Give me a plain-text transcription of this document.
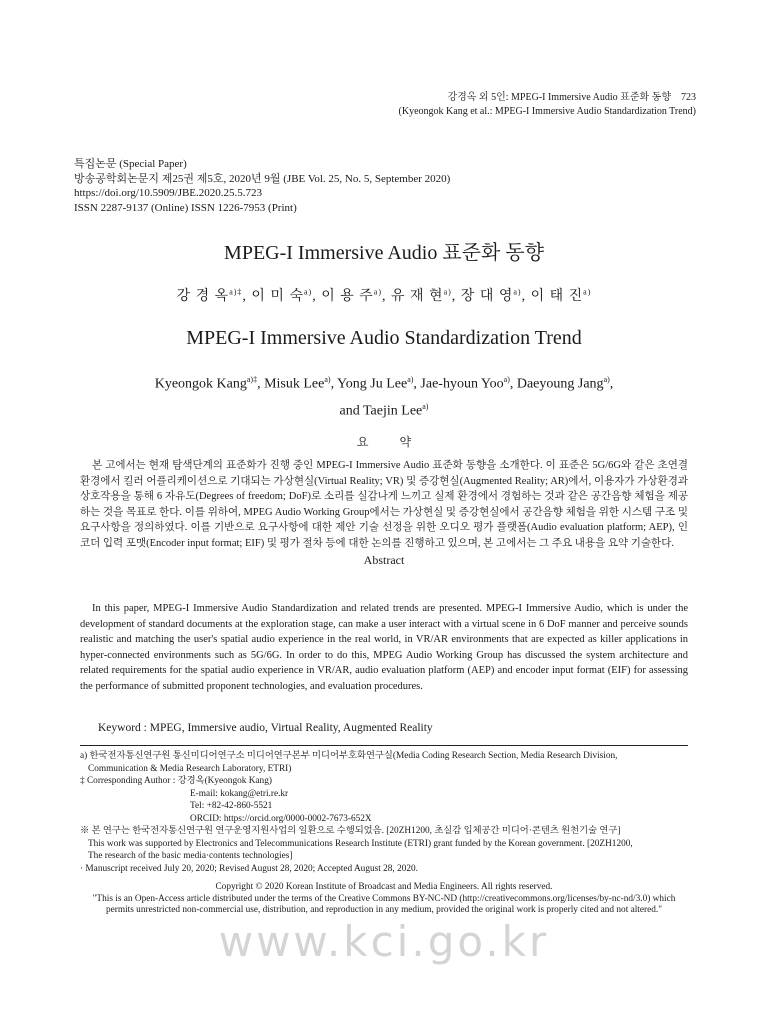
강경옥 외 5인: MPEG-I Immersive Audio 표준화 동향 723
(Kyeongok Kang et al.: MPEG-I Immersive Audio Standardization Trend)
특집논문 (Special Paper)
방송공학회논문지 제25권 제5호, 2020년 9월 (JBE Vol. 25, No. 5, September 2020)
https://doi.org/10.5909/JBE.2020.25.5.723
ISSN 2287-9137 (Online) ISSN 1226-7953 (Print)
MPEG-I Immersive Audio 표준화 동향
강 경 옥$^{a)\ddagger}$, 이 미 숙$^{a)}$, 이 용 주$^{a)}$, 유 재 현$^{a)}$, 장 대 영$^{a)}$, 이 태 진$^{a)}$
MPEG-I Immersive Audio Standardization Trend
Kyeongok Kang$^{a)\ddagger}$, Misuk Lee$^{a)}$, Yong Ju Lee$^{a)}$, Jae-hyoun Yoo$^{a)}$, Daeyoung Jang$^{a)}$,
and Taejin Lee$^{a)}$
요 약
본 고에서는 현재 탐색단계의 표준화가 진행 중인 MPEG-I Immersive Audio 표준화 동향을 소개한다. 이 표준은 5G/6G와 같은 초연결 환경에서 킬러 어플리케이션으로 기대되는 가상현실(Virtual Reality; VR) 및 증강현실(Augmented Reality; AR)에서, 이용자가 가상환경과 상호작용을 통해 6 자유도(Degrees of freedom; DoF)로 소리를 실감나게 느끼고 실제 환경에서 경험하는 것과 같은 공간음향 체험을 제공하는 것을 목표로 한다. 이를 위하여, MPEG Audio Working Group에서는 가상현실 및 증강현실에서 공간음향 체험을 위한 시스템 구조 및 요구사항을 정의하였다. 이를 기반으로 요구사항에 대한 제안 기술 선정을 위한 오디오 평가 플랫폼(Audio evaluation platform; AEP), 인코더 입력 포맷(Encoder input format; EIF) 및 평가 절차 등에 대한 논의를 진행하고 있으며, 본 고에서는 그 주요 내용을 요약 기술한다.
Abstract
In this paper, MPEG-I Immersive Audio Standardization and related trends are presented. MPEG-I Immersive Audio, which is under the development of standard documents at the exploration stage, can make a user interact with a virtual scene in 6 DoF manner and perceive sounds realistic and matching the user's spatial audio experience in the real world, in VR/AR environments that are expected as killer applications in hyper-connected environments such as 5G/6G. In order to do this, MPEG Audio Working Group has discussed the system architecture and related requirements for the spatial audio experience in VR/AR, audio evaluation platform (AEP) and encoder input format (EIF) for assessing the performance of submitted proponent technologies, and evaluation procedures.
Keyword : MPEG, Immersive audio, Virtual Reality, Augmented Reality
a) 한국전자통신연구원 통신미디어연구소 미디어연구본부 미디어부호화연구실(Media Coding Research Section, Media Research Division,
Communication & Media Research Laboratory, ETRI)
‡ Corresponding Author : 강경옥(Kyeongok Kang)
E-mail: kokang@etri.re.kr
Tel: +82-42-860-5521
ORCID: https://orcid.org/0000-0002-7673-652X
※ 본 연구는 한국전자통신연구원 연구운영지원사업의 일환으로 수행되었음. [20ZH1200, 초실감 입체공간 미디어·콘텐츠 원천기술 연구]
This work was supported by Electronics and Telecommunications Research Institute (ETRI) grant funded by the Korean government. [20ZH1200,
The research of the basic media·contents technologies]
· Manuscript received July 20, 2020; Revised August 28, 2020; Accepted August 28, 2020.
Copyright © 2020 Korean Institute of Broadcast and Media Engineers. All rights reserved.
"This is an Open-Access article distributed under the terms of the Creative Commons BY-NC-ND (http://creativecommons.org/licenses/by-nc-nd/3.0) which
permits unrestricted non-commercial use, distribution, and reproduction in any medium, provided the original work is properly cited and not altered."
www.kci.go.kr
